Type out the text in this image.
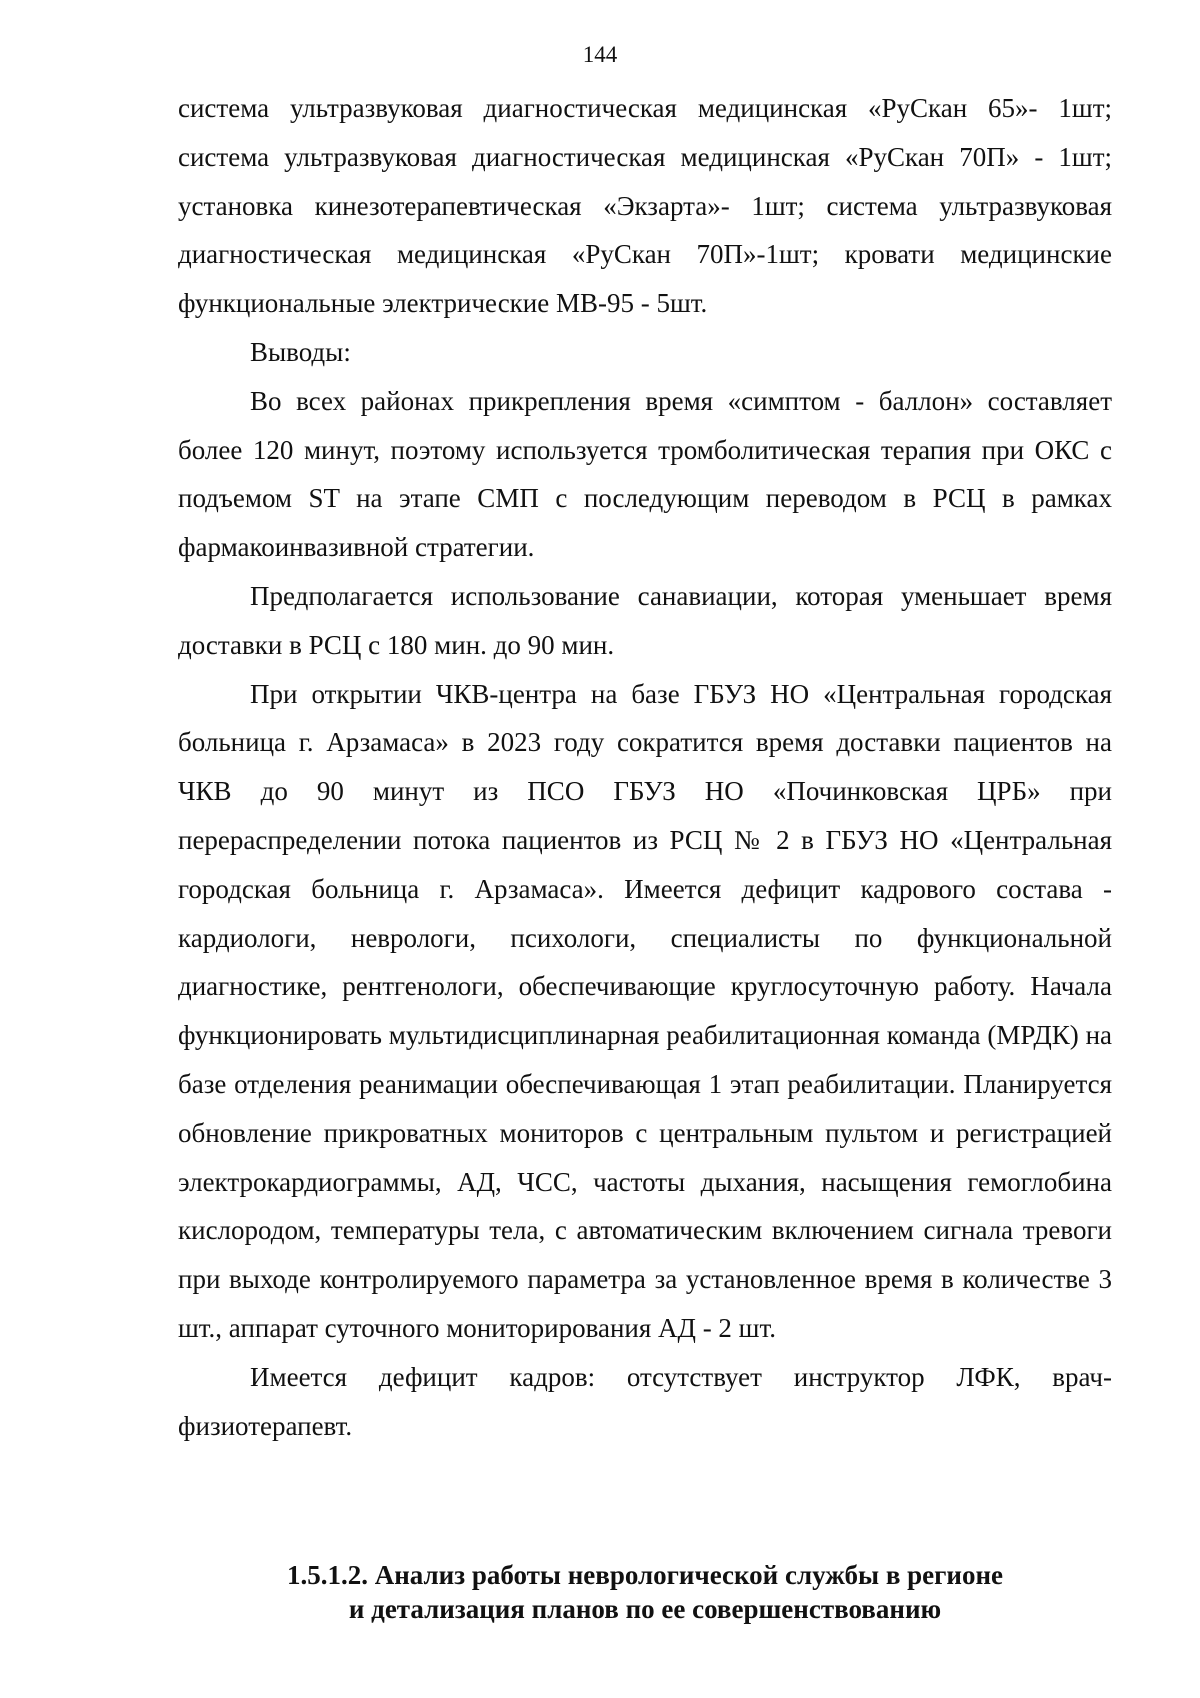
144

система ультразвуковая диагностическая медицинская «РуСкан 65»- 1шт; система ультразвуковая диагностическая медицинская «РуСкан 70П» - 1шт; установка кинезотерапевтическая «Экзарта»- 1шт; система ультразвуковая диагностическая медицинская «РуСкан 70П»-1шт; кровати медицинские функциональные электрические МВ-95 - 5шт.

Выводы:

Во всех районах прикрепления время «симптом - баллон» составляет более 120 минут, поэтому используется тромболитическая терапия при ОКС с подъемом ST на этапе СМП с последующим переводом в РСЦ в рамках фармакоинвазивной стратегии.

Предполагается использование санавиации, которая уменьшает время доставки в РСЦ с 180 мин. до 90 мин.

При открытии ЧКВ-центра на базе ГБУЗ НО «Центральная городская больница г. Арзамаса» в 2023 году сократится время доставки пациентов на ЧКВ до 90 минут из ПСО ГБУЗ НО «Починковская ЦРБ» при перераспределении потока пациентов из РСЦ № 2 в ГБУЗ НО «Центральная городская больница г. Арзамаса». Имеется дефицит кадрового состава - кардиологи, неврологи, психологи, специалисты по функциональной диагностике, рентгенологи, обеспечивающие круглосуточную работу. Начала функционировать мультидисциплинарная реабилитационная команда (МРДК) на базе отделения реанимации обеспечивающая 1 этап реабилитации. Планируется обновление прикроватных мониторов с центральным пультом и регистрацией электрокардиограммы, АД, ЧСС, частоты дыхания, насыщения гемоглобина кислородом, температуры тела, с автоматическим включением сигнала тревоги при выходе контролируемого параметра за установленное время в количестве 3 шт., аппарат суточного мониторирования АД - 2 шт.

Имеется дефицит кадров: отсутствует инструктор ЛФК, врач-физиотерапевт.

1.5.1.2. Анализ работы неврологической службы в регионе
и детализация планов по ее совершенствованию
